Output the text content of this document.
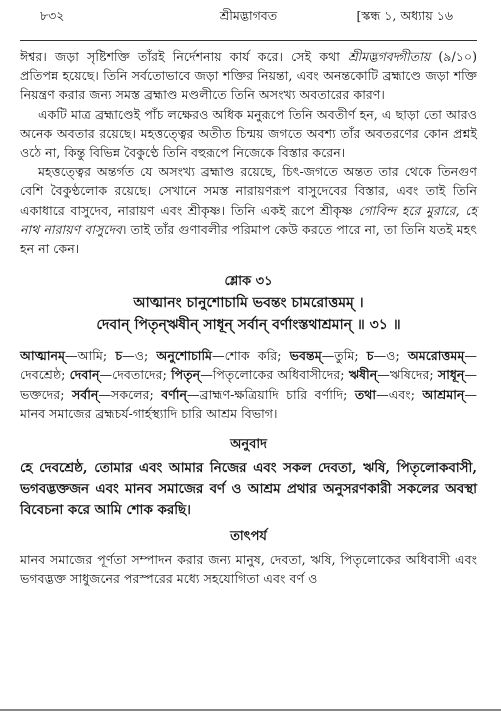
৮৩২	শ্রীমদ্ভাগবত	[স্কন্ধ ১, অধ্যায় ১৬

ঈশ্বর। জড়া সৃষ্টিশক্তি তাঁরই নির্দেশনায় কার্য করে। সেই কথা শ্রীমদ্ভগবদ্গীতায় (৯/১০) প্রতিপন্ন হয়েছে। তিনি সর্বতোভাবে জড়া শক্তির নিয়ন্তা, এবং অনন্তকোটি ব্রহ্মাণ্ডে জড়া শক্তি নিয়ন্ত্রণ করার জন্য সমস্ত ব্রহ্মাণ্ড মণ্ডলীতে তিনি অসংখ্য অবতারের কারণ।

একটি মাত্র ব্রহ্মাণ্ডেই পাঁচ লক্ষেরও অধিক মনুরূপে তিনি অবতীর্ণ হন, এ ছাড়া তো আরও অনেক অবতার রয়েছে। মহত্তত্ত্বের অতীত চিন্ময় জগতে অবশ্য তাঁর অবতরণের কোন প্রশ্নই ওঠে না, কিন্তু বিভিন্ন বৈকুণ্ঠে তিনি বহুরূপে নিজেকে বিস্তার করেন।

মহত্তত্ত্বের অন্তর্গত যে অসংখ্য ব্রহ্মাণ্ড রয়েছে, চিৎ-জগতে অন্তত তার থেকে তিনগুণ বেশি বৈকুণ্ঠলোক রয়েছে। সেখানে সমস্ত নারায়ণরূপ বাসুদেবের বিস্তার, এবং তাই তিনি একাধারে বাসুদেব, নারায়ণ এবং শ্রীকৃষ্ণ। তিনি একই রূপে শ্রীকৃষ্ণ গোবিন্দ হরে মুরারে, হে নাথ নারায়ণ বাসুদেব। তাই তাঁর গুণাবলীর পরিমাপ কেউ করতে পারে না, তা তিনি যতই মহৎ হন না কেন।

শ্লোক ৩১
আত্মানং চানুশোচামি ভবন্তং চামরোত্তমম্ ।
দেবান্ পিতৃন্ঋষীন্ সাধূন্ সর্বান্ বর্ণাংস্তথাশ্রমান্ ॥ ৩১ ॥

আত্মানম্—আমি; চ—ও; অনুশোচামি—শোক করি; ভবন্তম্—তুমি; চ—ও; অমরোত্তমম্—দেবশ্রেষ্ঠ; দেবান্—দেবতাদের; পিতৃন্—পিতৃলোকের অধিবাসীদের; ঋষীন্—ঋষিদের; সাধূন্—ভক্তদের; সর্বান্—সকলের; বর্ণান্—ব্রাহ্মণ-ক্ষত্রিয়াদি চারি বর্ণাদি; তথা—এবং; আশ্রমান্—মানব সমাজের ব্রহ্মচর্য-গার্হস্থ্যাদি চারি আশ্রম বিভাগ।

অনুবাদ

হে দেবশ্রেষ্ঠ, তোমার এবং আমার নিজের এবং সকল দেবতা, ঋষি, পিতৃলোকবাসী, ভগবদ্ভক্তজন এবং মানব সমাজের বর্ণ ও আশ্রম প্রথার অনুসরণকারী সকলের অবস্থা বিবেচনা করে আমি শোক করছি।

তাৎপর্য

মানব সমাজের পূর্ণতা সম্পাদন করার জন্য মানুষ, দেবতা, ঋষি, পিতৃলোকের অধিবাসী এবং ভগবদ্ভক্ত সাধুজনের পরস্পরের মধ্যে সহযোগিতা এবং বর্ণ ও
